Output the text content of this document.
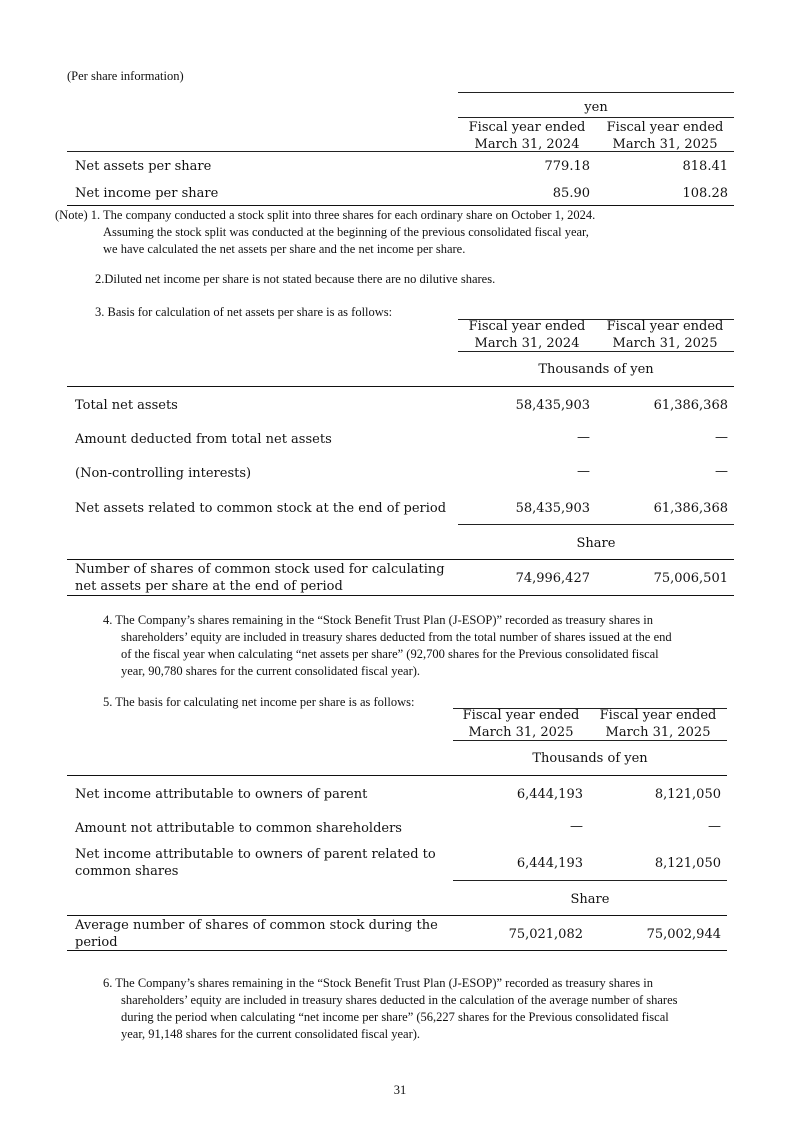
(Per share information)
yen
Fiscal year ended
March 31, 2024
Fiscal year ended
March 31, 2025
Net assets per share	779.18	818.41
Net income per share	85.90	108.28
(Note) 1. The company conducted a stock split into three shares for each ordinary share on October 1, 2024.
Assuming the stock split was conducted at the beginning of the previous consolidated fiscal year,
we have calculated the net assets per share and the net income per share.
2.Diluted net income per share is not stated because there are no dilutive shares.
3. Basis for calculation of net assets per share is as follows:
Fiscal year ended
March 31, 2024
Fiscal year ended
March 31, 2025
Thousands of yen
Total net assets	58,435,903	61,386,368
Amount deducted from total net assets	—	—
(Non-controlling interests)	—	—
Net assets related to common stock at the end of period	58,435,903	61,386,368
Share
Number of shares of common stock used for calculating
net assets per share at the end of period
74,996,427	75,006,501
4. The Company’s shares remaining in the “Stock Benefit Trust Plan (J-ESOP)” recorded as treasury shares in
shareholders’ equity are included in treasury shares deducted from the total number of shares issued at the end
of the fiscal year when calculating “net assets per share” (92,700 shares for the Previous consolidated fiscal
year, 90,780 shares for the current consolidated fiscal year).
5. The basis for calculating net income per share is as follows:
Fiscal year ended
March 31, 2025
Fiscal year ended
March 31, 2025
Thousands of yen
Net income attributable to owners of parent	6,444,193	8,121,050
Amount not attributable to common shareholders	—	—
Net income attributable to owners of parent related to
common shares
6,444,193	8,121,050
Share
Average number of shares of common stock during the
period
75,021,082	75,002,944
6. The Company’s shares remaining in the “Stock Benefit Trust Plan (J-ESOP)” recorded as treasury shares in
shareholders’ equity are included in treasury shares deducted in the calculation of the average number of shares
during the period when calculating “net income per share” (56,227 shares for the Previous consolidated fiscal
year, 91,148 shares for the current consolidated fiscal year).
31
